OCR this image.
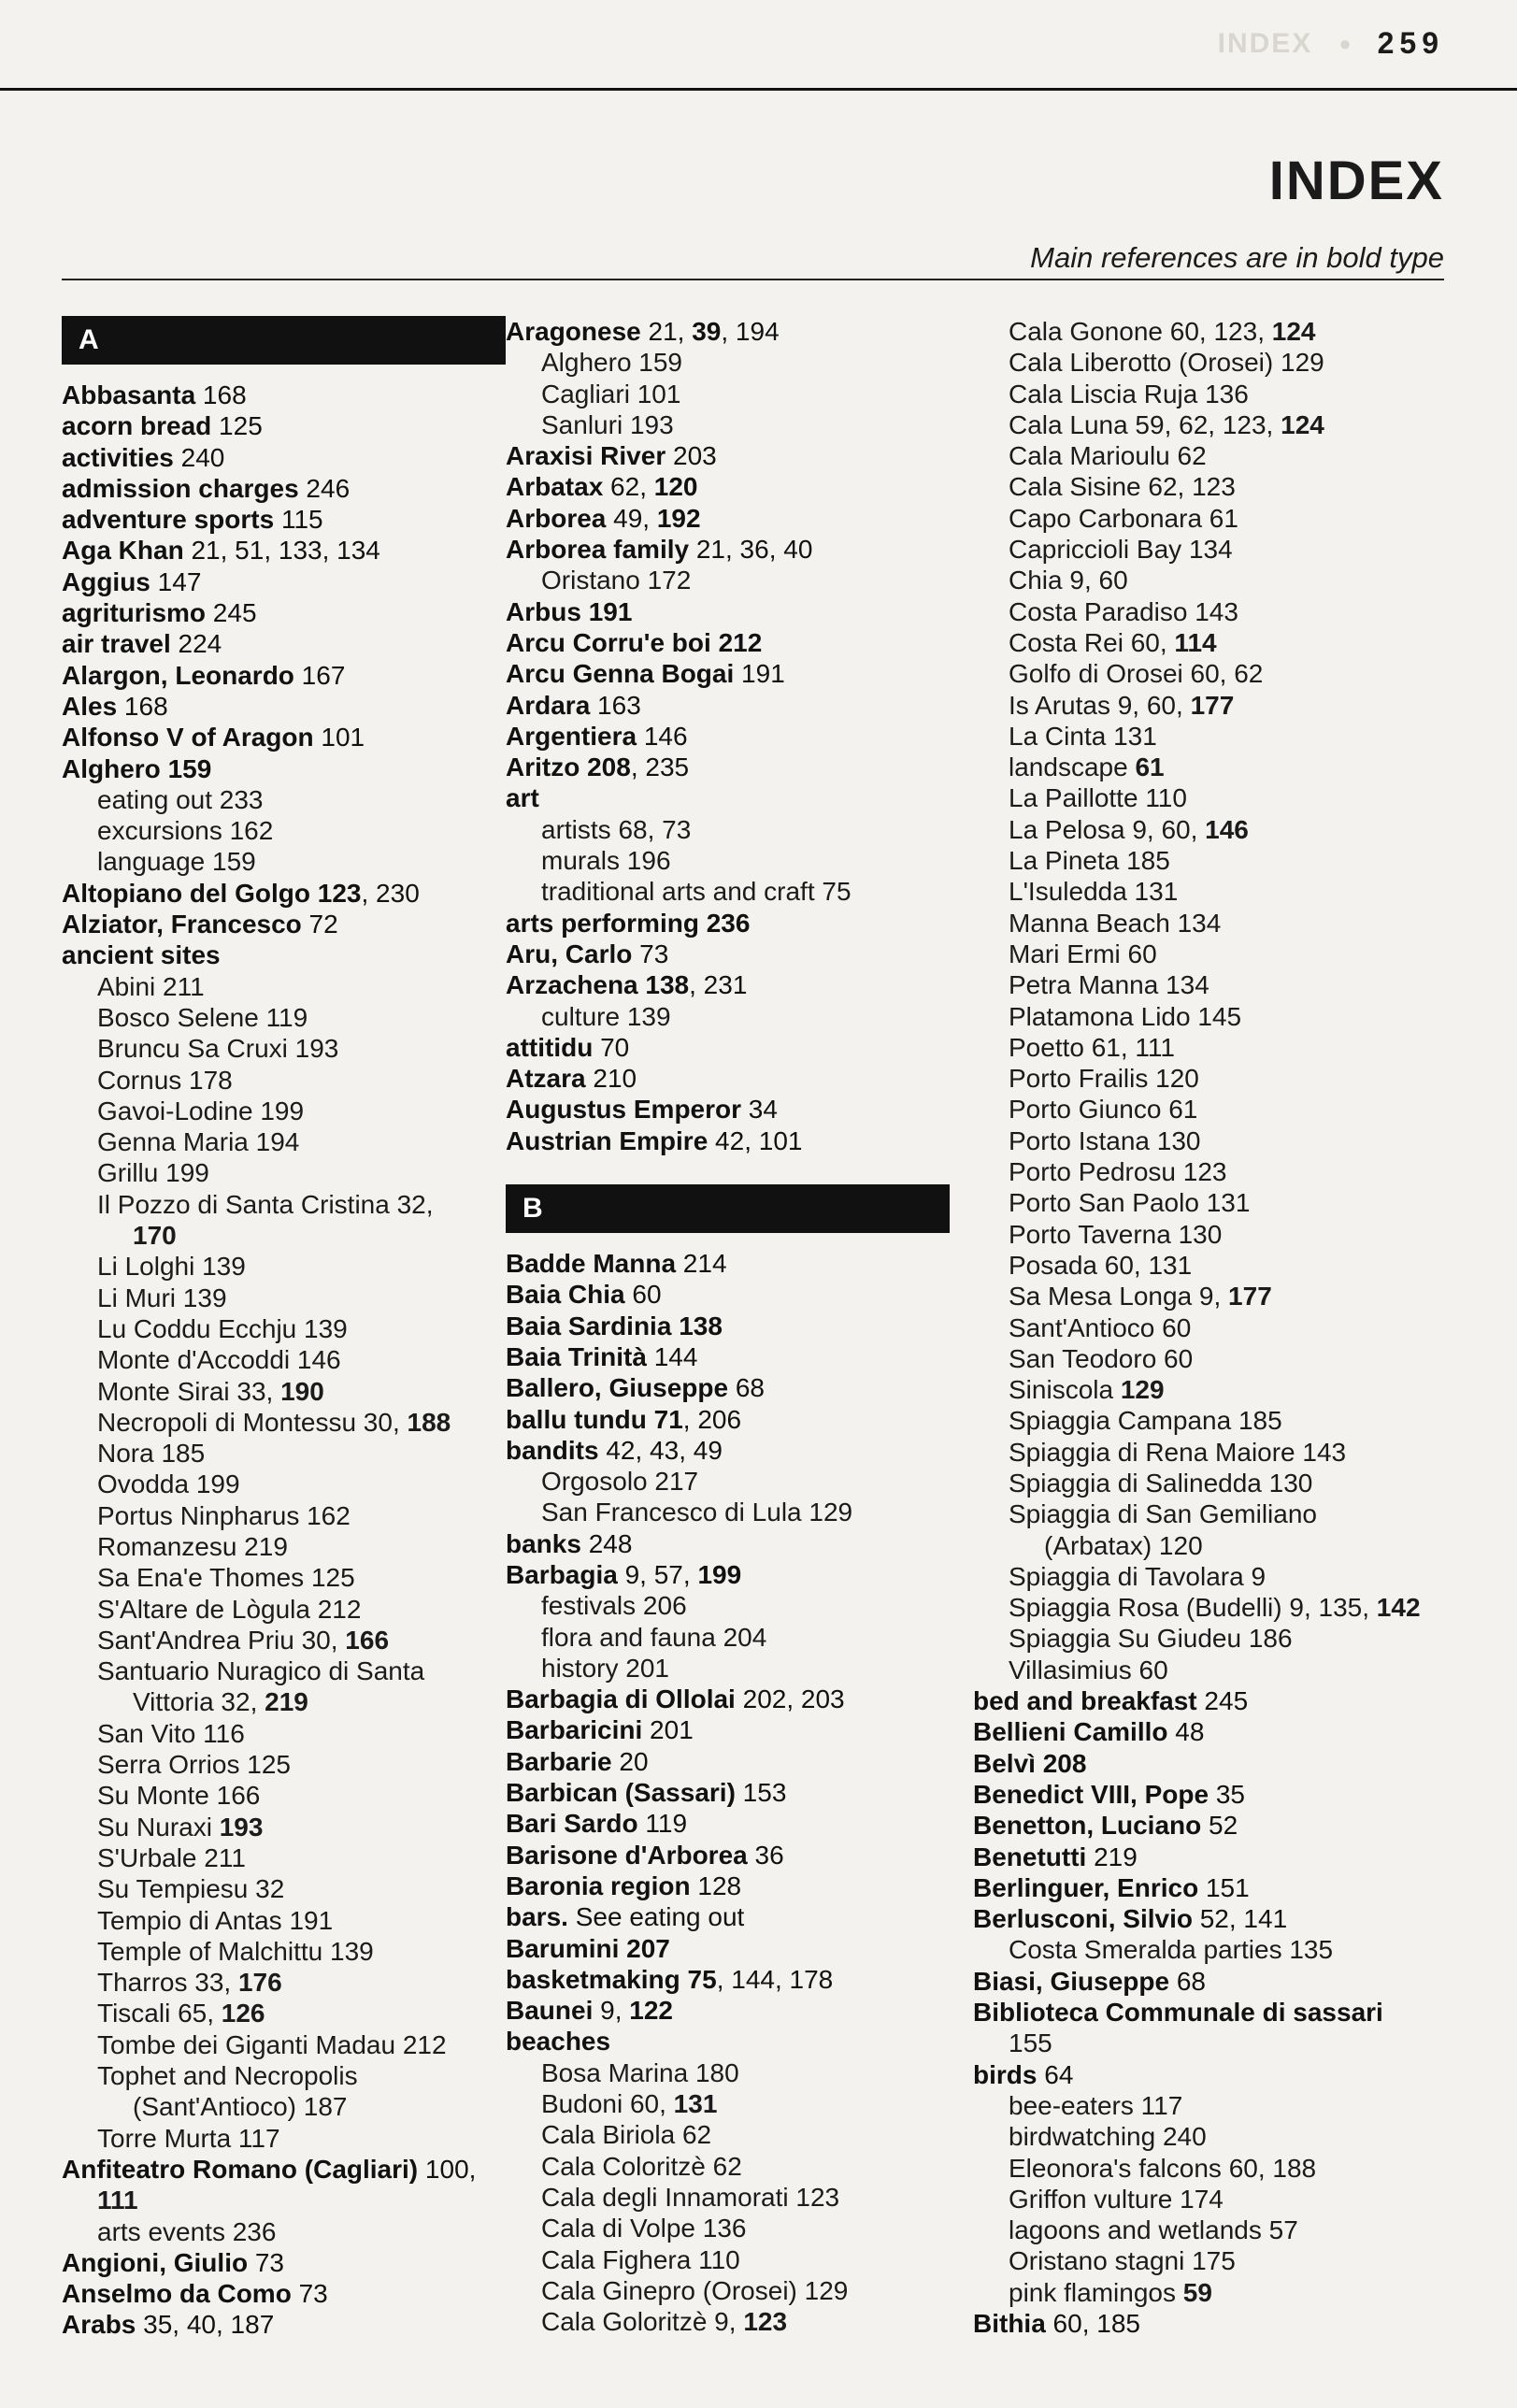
INDEX ● 259
INDEX
Main references are in bold type
A
Abbasanta 168
acorn bread 125
activities 240
admission charges 246
adventure sports 115
Aga Khan 21, 51, 133, 134
Aggius 147
agriturismo 245
air travel 224
Alargon, Leonardo 167
Ales 168
Alfonso V of Aragon 101
Alghero 159
eating out 233
excursions 162
language 159
Altopiano del Golgo 123, 230
Alziator, Francesco 72
ancient sites
Abini 211
Bosco Selene 119
Bruncu Sa Cruxi 193
Cornus 178
Gavoi-Lodine 199
Genna Maria 194
Grillu 199
Il Pozzo di Santa Cristina 32,
170
Li Lolghi 139
Li Muri 139
Lu Coddu Ecchju 139
Monte d'Accoddi 146
Monte Sirai 33, 190
Necropoli di Montessu 30, 188
Nora 185
Ovodda 199
Portus Ninpharus 162
Romanzesu 219
Sa Ena'e Thomes 125
S'Altare de Lògula 212
Sant'Andrea Priu 30, 166
Santuario Nuragico di Santa
Vittoria 32, 219
San Vito 116
Serra Orrios 125
Su Monte 166
Su Nuraxi 193
S'Urbale 211
Su Tempiesu 32
Tempio di Antas 191
Temple of Malchittu 139
Tharros 33, 176
Tiscali 65, 126
Tombe dei Giganti Madau 212
Tophet and Necropolis
(Sant'Antioco) 187
Torre Murta 117
Anfiteatro Romano (Cagliari) 100,
111
arts events 236
Angioni, Giulio 73
Anselmo da Como 73
Arabs 35, 40, 187
Aragonese 21, 39, 194
Alghero 159
Cagliari 101
Sanluri 193
Araxisi River 203
Arbatax 62, 120
Arborea 49, 192
Arborea family 21, 36, 40
Oristano 172
Arbus 191
Arcu Corru'e boi 212
Arcu Genna Bogai 191
Ardara 163
Argentiera 146
Aritzo 208, 235
art
artists 68, 73
murals 196
traditional arts and craft 75
arts performing 236
Aru, Carlo 73
Arzachena 138, 231
culture 139
attitidu 70
Atzara 210
Augustus Emperor 34
Austrian Empire 42, 101
B
Badde Manna 214
Baia Chia 60
Baia Sardinia 138
Baia Trinità 144
Ballero, Giuseppe 68
ballu tundu 71, 206
bandits 42, 43, 49
Orgosolo 217
San Francesco di Lula 129
banks 248
Barbagia 9, 57, 199
festivals 206
flora and fauna 204
history 201
Barbagia di Ollolai 202, 203
Barbaricini 201
Barbarie 20
Barbican (Sassari) 153
Bari Sardo 119
Barisone d'Arborea 36
Baronia region 128
bars. See eating out
Barumini 207
basketmaking 75, 144, 178
Baunei 9, 122
beaches
Bosa Marina 180
Budoni 60, 131
Cala Biriola 62
Cala Coloritzè 62
Cala degli Innamorati 123
Cala di Volpe 136
Cala Fighera 110
Cala Ginepro (Orosei) 129
Cala Goloritzè 9, 123
Cala Gonone 60, 123, 124
Cala Liberotto (Orosei) 129
Cala Liscia Ruja 136
Cala Luna 59, 62, 123, 124
Cala Marioulu 62
Cala Sisine 62, 123
Capo Carbonara 61
Capriccioli Bay 134
Chia 9, 60
Costa Paradiso 143
Costa Rei 60, 114
Golfo di Orosei 60, 62
Is Arutas 9, 60, 177
La Cinta 131
landscape 61
La Paillotte 110
La Pelosa 9, 60, 146
La Pineta 185
L'Isuledda 131
Manna Beach 134
Mari Ermi 60
Petra Manna 134
Platamona Lido 145
Poetto 61, 111
Porto Frailis 120
Porto Giunco 61
Porto Istana 130
Porto Pedrosu 123
Porto San Paolo 131
Porto Taverna 130
Posada 60, 131
Sa Mesa Longa 9, 177
Sant'Antioco 60
San Teodoro 60
Siniscola 129
Spiaggia Campana 185
Spiaggia di Rena Maiore 143
Spiaggia di Salinedda 130
Spiaggia di San Gemiliano
(Arbatax) 120
Spiaggia di Tavolara 9
Spiaggia Rosa (Budelli) 9, 135, 142
Spiaggia Su Giudeu 186
Villasimius 60
bed and breakfast 245
Bellieni Camillo 48
Belvì 208
Benedict VIII, Pope 35
Benetton, Luciano 52
Benetutti 219
Berlinguer, Enrico 151
Berlusconi, Silvio 52, 141
Costa Smeralda parties 135
Biasi, Giuseppe 68
Biblioteca Communale di sassari
155
birds 64
bee-eaters 117
birdwatching 240
Eleonora's falcons 60, 188
Griffon vulture 174
lagoons and wetlands 57
Oristano stagni 175
pink flamingos 59
Bithia 60, 185
